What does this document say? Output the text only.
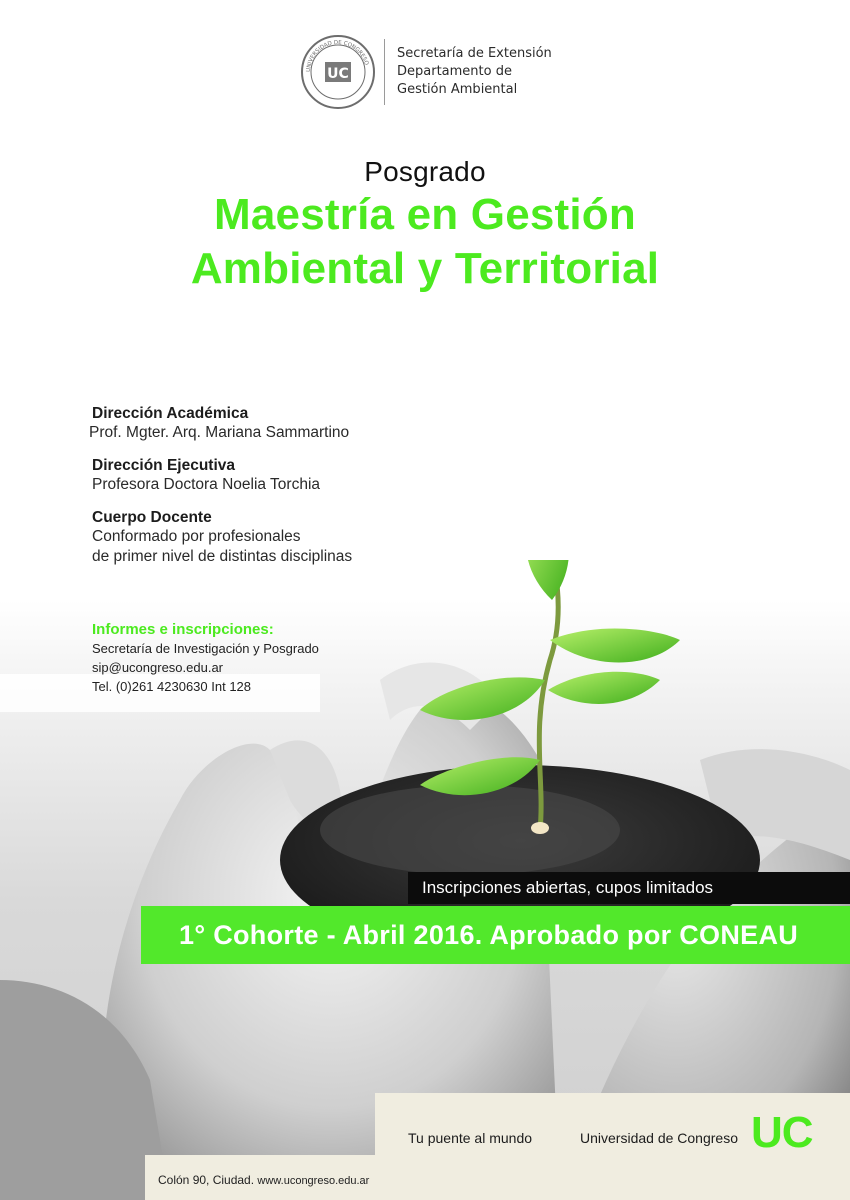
UC
UNIVERSIDAD DE CONGRESO
Secretaría de Extensión
Departamento de
Gestión Ambiental
Posgrado
Maestría en Gestión
Ambiental y Territorial
Dirección Académica
Prof. Mgter. Arq. Mariana Sammartino
Dirección Ejecutiva
Profesora Doctora Noelia Torchia
Cuerpo Docente
Conformado por profesionales
de primer nivel de distintas disciplinas
Informes e inscripciones:
Secretaría de Investigación y Posgrado
sip@ucongreso.edu.ar
Tel. (0)261 4230630 Int 128
Inscripciones abiertas, cupos limitados
1° Cohorte - Abril 2016. Aprobado por CONEAU
Tu puente al mundo	Universidad de Congreso UC
Colón 90, Ciudad. www.ucongreso.edu.ar
